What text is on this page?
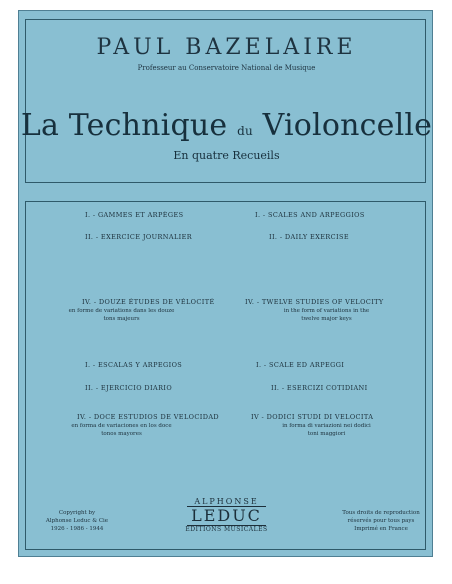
PAUL BAZELAIRE
Professeur au Conservatoire National de Musique
La Technique du Violoncelle
En quatre Recueils
I. - GAMMES ET ARPÈGES
II. - EXERCICE JOURNALIER
IV. - DOUZE ÉTUDES DE VÉLOCITÉ
en forme de variations dans les douze
tons majeurs
I. - SCALES AND ARPEGGIOS
II. - DAILY EXERCISE
IV. - TWELVE STUDIES OF VELOCITY
in the form of variations in the
twelve major keys
I. - ESCALAS Y ARPEGIOS
II. - EJERCICIO DIARIO
IV. - DOCE ESTUDIOS DE VELOCIDAD
en forma de variaciones en los doce
tonos mayores
I. - SCALE ED ARPEGGI
II. - ESERCIZI COTIDIANI
IV - DODICI STUDI DI VELOCITA
in forma di variazioni nei dodici
toni maggiori
Copyright by
Alphonse Leduc & Cie
1926 - 1986 - 1944
ALPHONSE
LEDUC
ÉDITIONS MUSICALES
Tous droits de reproduction
réservés pour tous pays
Imprimé en France
